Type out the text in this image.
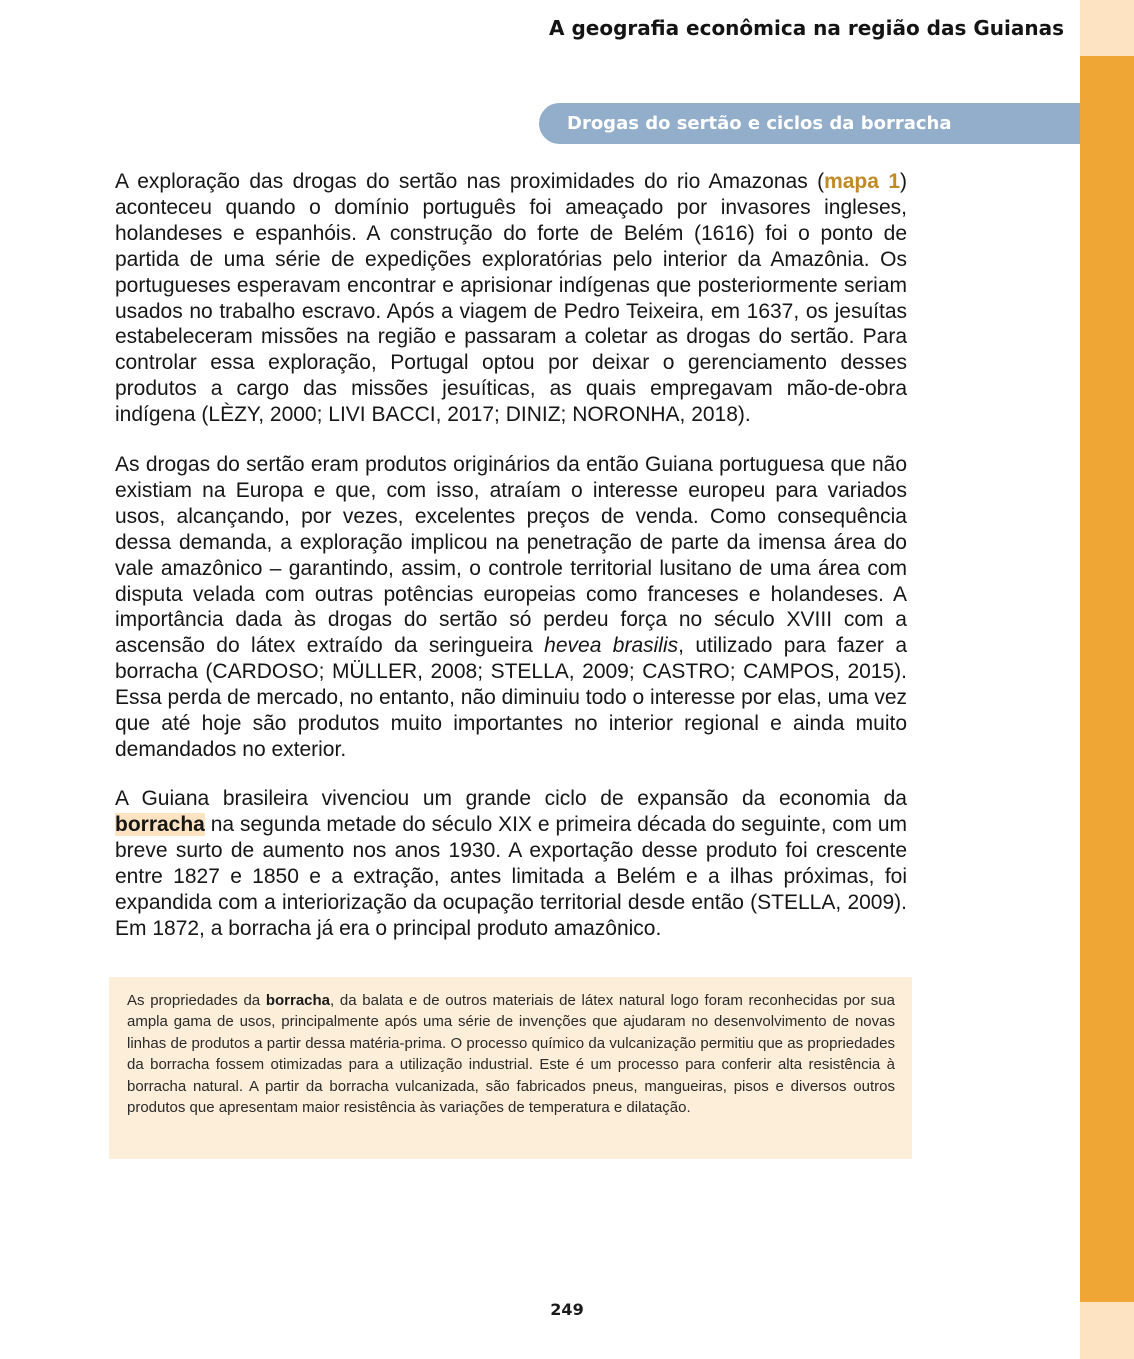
A geografia econômica na região das Guianas
Drogas do sertão e ciclos da borracha

A exploração das drogas do sertão nas proximidades do rio Amazonas (mapa 1) aconteceu quando o domínio português foi ameaçado por invasores ingleses, holandeses e espanhóis. A construção do forte de Belém (1616) foi o ponto de partida de uma série de expedições exploratórias pelo interior da Amazônia. Os portugueses esperavam encontrar e aprisionar indígenas que posteriormente seriam usados no trabalho escravo. Após a viagem de Pedro Teixeira, em 1637, os jesuítas estabeleceram missões na região e passaram a coletar as drogas do sertão. Para controlar essa exploração, Portugal optou por deixar o gerenciamento desses produtos a cargo das missões jesuíticas, as quais empregavam mão-de-obra indígena (LÈZY, 2000; LIVI BACCI, 2017; DINIZ; NORONHA, 2018).

As drogas do sertão eram produtos originários da então Guiana portuguesa que não existiam na Europa e que, com isso, atraíam o interesse europeu para variados usos, alcançando, por vezes, excelentes preços de venda. Como consequência dessa demanda, a exploração implicou na penetração de parte da imensa área do vale amazônico – garantindo, assim, o controle territorial lusitano de uma área com disputa velada com outras potências europeias como franceses e holandeses. A importância dada às drogas do sertão só perdeu força no século XVIII com a ascensão do látex extraído da seringueira hevea brasilis, utilizado para fazer a borracha (CARDOSO; MÜLLER, 2008; STELLA, 2009; CASTRO; CAMPOS, 2015). Essa perda de mercado, no entanto, não diminuiu todo o interesse por elas, uma vez que até hoje são produtos muito importantes no interior regional e ainda muito demandados no exterior.

A Guiana brasileira vivenciou um grande ciclo de expansão da economia da borracha na segunda metade do século XIX e primeira década do seguinte, com um breve surto de aumento nos anos 1930. A exportação desse produto foi crescente entre 1827 e 1850 e a extração, antes limitada a Belém e a ilhas próximas, foi expandida com a interiorização da ocupação territorial desde então (STELLA, 2009). Em 1872, a borracha já era o principal produto amazônico.

As propriedades da borracha, da balata e de outros materiais de látex natural logo foram reconhecidas por sua ampla gama de usos, principalmente após uma série de invenções que ajudaram no desenvolvimento de novas linhas de produtos a partir dessa matéria-prima. O processo químico da vulcanização permitiu que as propriedades da borracha fossem otimizadas para a utilização industrial. Este é um processo para conferir alta resistência à borracha natural. A partir da borracha vulcanizada, são fabricados pneus, mangueiras, pisos e diversos outros produtos que apresentam maior resistência às variações de temperatura e dilatação.

249
